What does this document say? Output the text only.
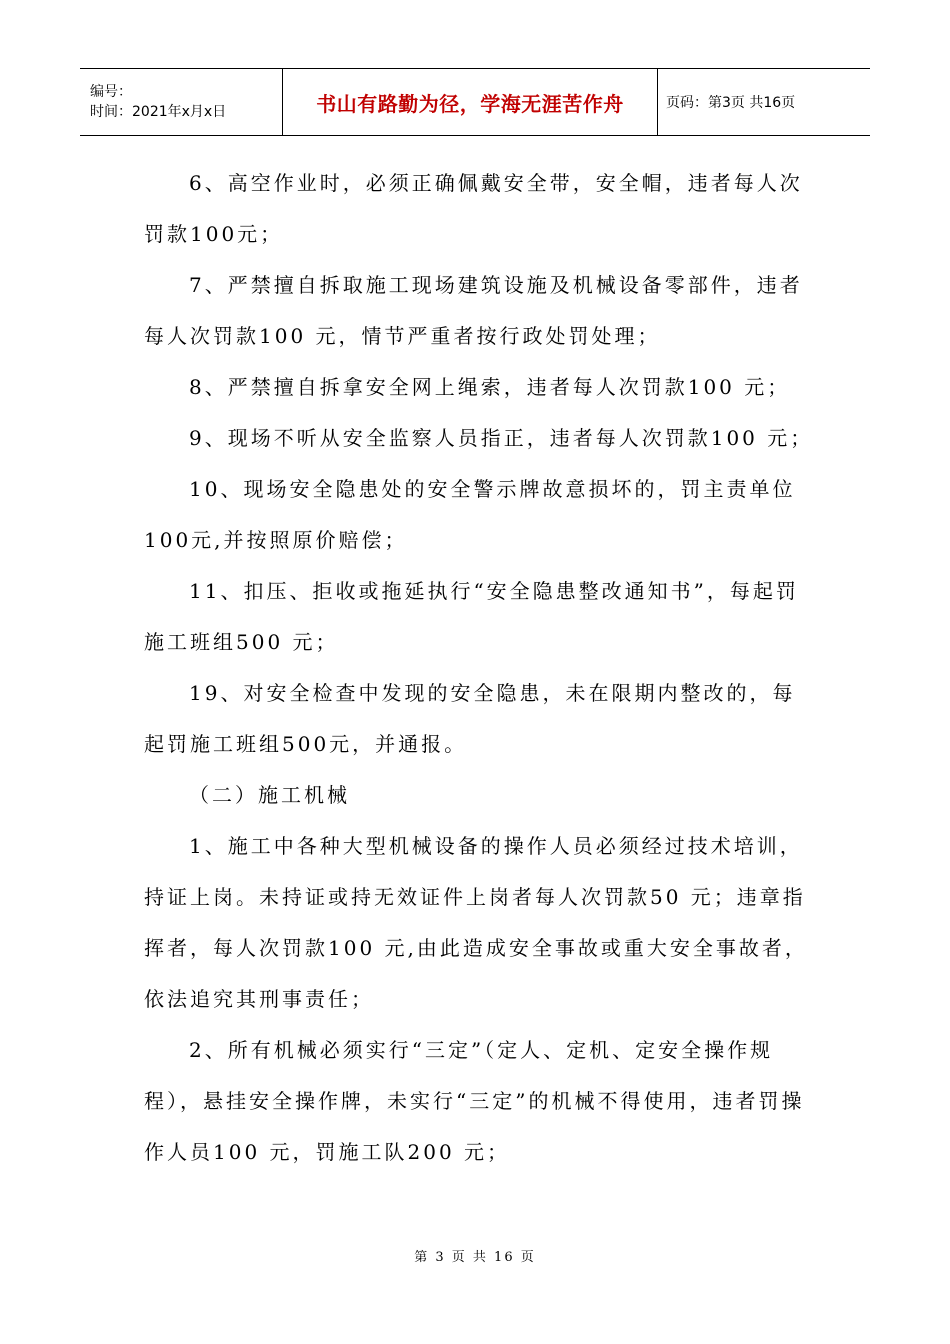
编号：
时间：2021年x月x日	书山有路勤为径，学海无涯苦作舟	页码：第3页 共16页

6、高空作业时，必须正确佩戴安全带，安全帽，违者每人次罚款100元；

7、严禁擅自拆取施工现场建筑设施及机械设备零部件，违者每人次罚款100 元，情节严重者按行政处罚处理；

8、严禁擅自拆拿安全网上绳索，违者每人次罚款100 元；

9、现场不听从安全监察人员指正，违者每人次罚款100 元；

10、现场安全隐患处的安全警示牌故意损坏的，罚主责单位100元,并按照原价赔偿；

11、扣压、拒收或拖延执行“安全隐患整改通知书”，每起罚施工班组500 元；

19、对安全检查中发现的安全隐患，未在限期内整改的，每起罚施工班组500元，并通报。

（二）施工机械

1、施工中各种大型机械设备的操作人员必须经过技术培训，持证上岗。未持证或持无效证件上岗者每人次罚款50 元；违章指挥者，每人次罚款100 元,由此造成安全事故或重大安全事故者，依法追究其刑事责任；

2、所有机械必须实行“三定”（定人、定机、定安全操作规程），悬挂安全操作牌，未实行“三定”的机械不得使用，违者罚操作人员100 元，罚施工队200 元；

第 3 页 共 16 页
